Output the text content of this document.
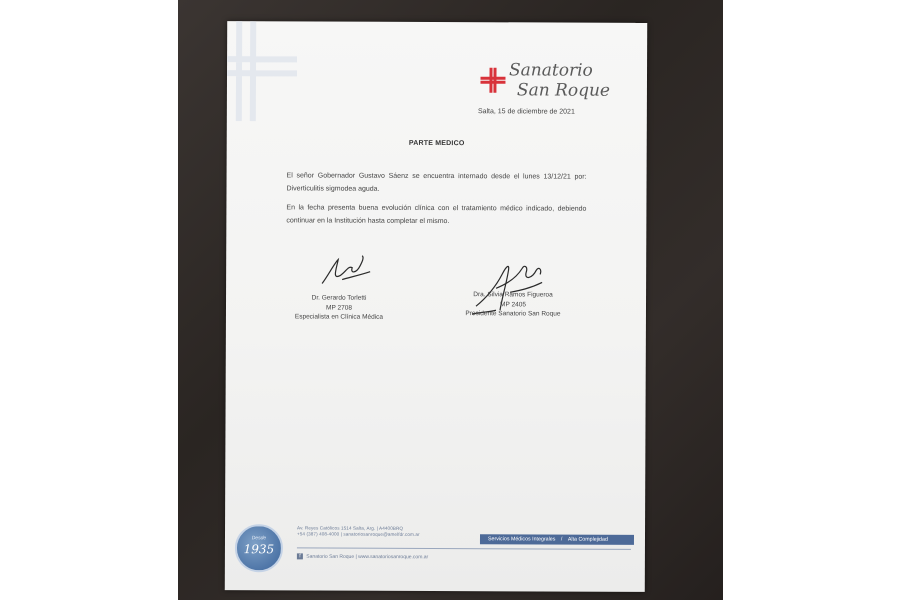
Sanatorio
San Roque
Salta, 15 de diciembre de 2021
PARTE MEDICO
El señor Gobernador Gustavo Sáenz se encuentra internado desde el lunes 13/12/21 por: Diverticulitis sigmodea aguda.
En la fecha presenta buena evolución clínica con el tratamiento médico indicado, debiendo continuar en la Institución hasta completar el mismo.
Dr. Gerardo Torletti
MP 2708
Especialista en Clínica Médica
Dra. Silvia Ramos Figueroa
MP 2405
Presidente Sanatorio San Roque
Desde
1935
Av. Reyes Católicos 1514 Salta, Arg. | A4400BRQ
+54 (387) 408-4000 | sanatoriosanroque@amelfdr.com.ar
Servicios Médicos Integrales / Alta Complejidad
f Sanatorio San Roque | www.sanatoriosanroque.com.ar
